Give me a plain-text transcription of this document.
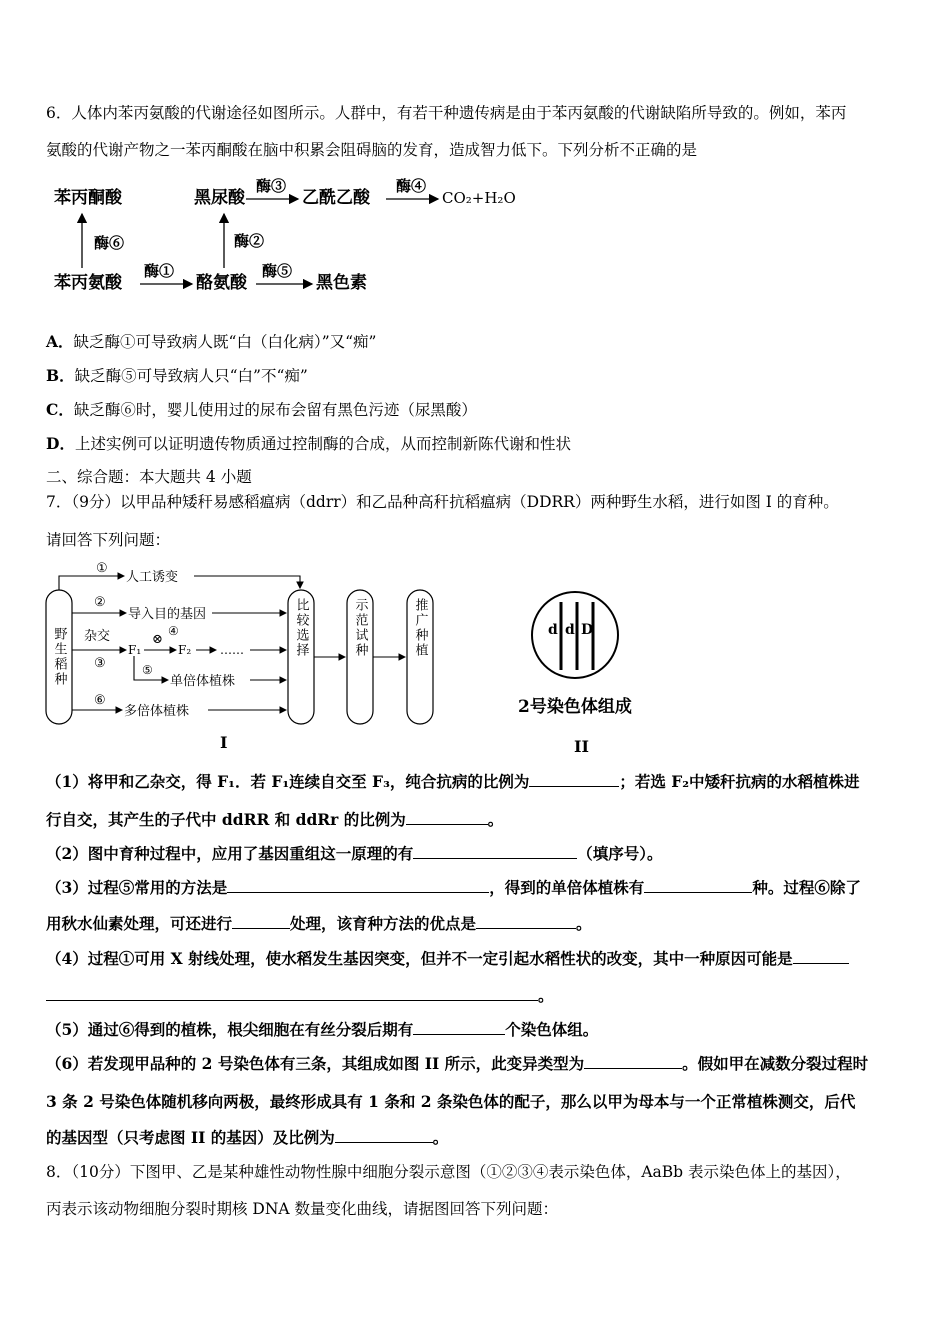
6．人体内苯丙氨酸的代谢途径如图所示。人群中，有若干种遗传病是由于苯丙氨酸的代谢缺陷所导致的。例如，苯丙
氨酸的代谢产物之一苯丙酮酸在脑中积累会阻碍脑的发育，造成智力低下。下列分析不正确的是
苯丙酮酸	黑尿酸
酶③
乙酰乙酸
酶④
CO₂+H₂O
酶⑥	酶②
苯丙氨酸
酶①
酪氨酸
酶⑤
黑色素
A．缺乏酶①可导致病人既“白（白化病）”又“痴”
B．缺乏酶⑤可导致病人只“白”不“痴”
C．缺乏酶⑥时，婴儿使用过的尿布会留有黑色污迹（尿黑酸）
D．上述实例可以证明遗传物质通过控制酶的合成，从而控制新陈代谢和性状
二、综合题：本大题共 4 小题
7．（9分）以甲品种矮秆易感稻瘟病（ddrr）和乙品种高秆抗稻瘟病（DDRR）两种野生水稻，进行如图 I 的育种。
请回答下列问题：
野生稻种	比较选择	示范试种	推广种植
①
人工诱变
②
导入目的基因
杂交
③
F₁
⊗
④
F₂ ……
⑤
单倍体植株
⑥
多倍体植株
I
d d D
2号染色体组成
II
（1）将甲和乙杂交，得 F₁．若 F₁连续自交至 F₃，纯合抗病的比例为	；若选 F₂中矮秆抗病的水稻植株进
行自交，其产生的子代中 ddRR 和 ddRr 的比例为	。
（2）图中育种过程中，应用了基因重组这一原理的有	（填序号）。
（3）过程⑤常用的方法是	，得到的单倍体植株有	种。过程⑥除了
用秋水仙素处理，可还进行	处理，该育种方法的优点是	。
（4）过程①可用 X 射线处理，使水稻发生基因突变，但并不一定引起水稻性状的改变，其中一种原因可能是
。
（5）通过⑥得到的植株，根尖细胞在有丝分裂后期有	个染色体组。
（6）若发现甲品种的 2 号染色体有三条，其组成如图 II 所示，此变异类型为	。假如甲在减数分裂过程时
3 条 2 号染色体随机移向两极，最终形成具有 1 条和 2 条染色体的配子，那么以甲为母本与一个正常植株测交，后代
的基因型（只考虑图 II 的基因）及比例为	。
8．（10分）下图甲、乙是某种雄性动物性腺中细胞分裂示意图（①②③④表示染色体，AaBb 表示染色体上的基因），
丙表示该动物细胞分裂时期核 DNA 数量变化曲线，请据图回答下列问题：
